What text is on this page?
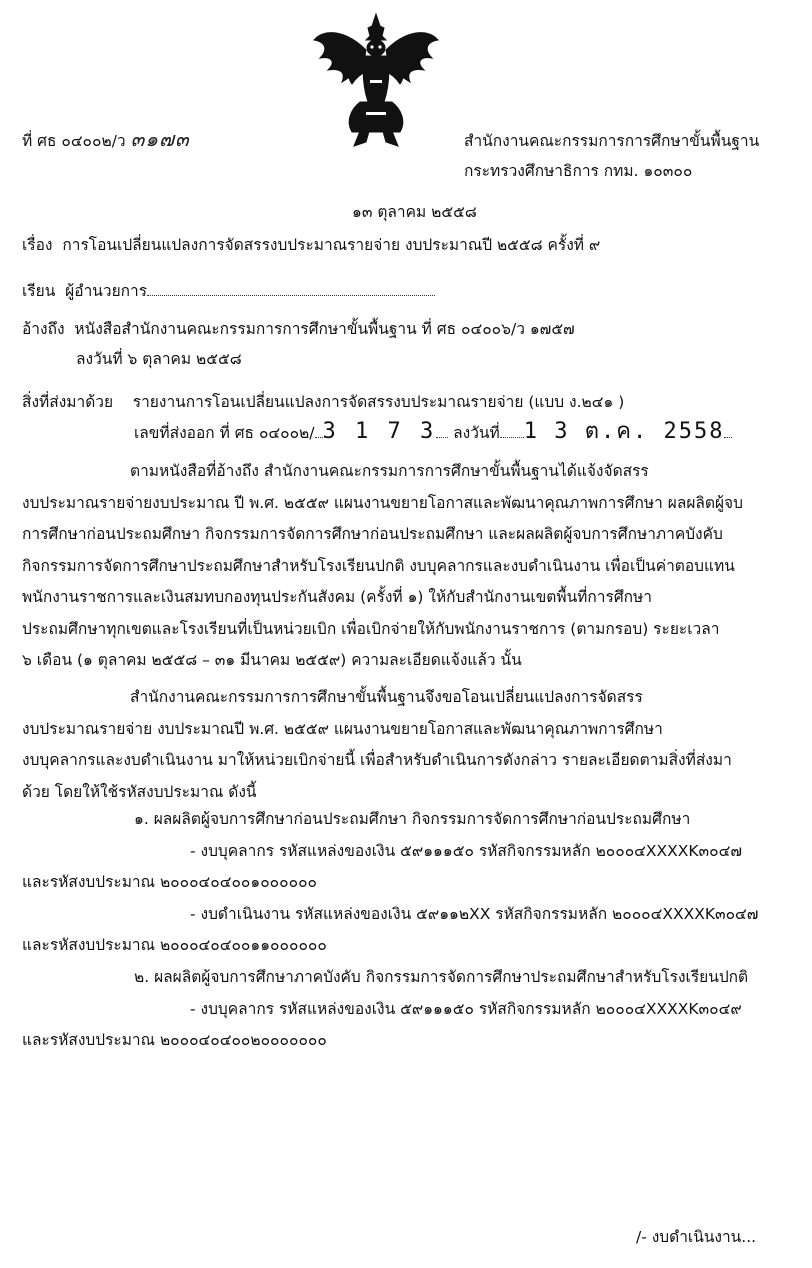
ที่ ศธ ๐๔๐๐๒/ว ๓๑๗๓	สำนักงานคณะกรรมการการศึกษาขั้นพื้นฐาน
กระทรวงศึกษาธิการ กทม. ๑๐๓๐๐
๑๓ ตุลาคม ๒๕๕๘
เรื่อง การโอนเปลี่ยนแปลงการจัดสรรงบประมาณรายจ่าย งบประมาณปี ๒๕๕๘ ครั้งที่ ๙
เรียน ผู้อำนวยการ
อ้างถึง หนังสือสำนักงานคณะกรรมการการศึกษาขั้นพื้นฐาน ที่ ศธ ๐๔๐๐๖/ว ๑๗๕๗
ลงวันที่ ๖ ตุลาคม ๒๕๕๘
สิ่งที่ส่งมาด้วย รายงานการโอนเปลี่ยนแปลงการจัดสรรงบประมาณรายจ่าย (แบบ ง.๒๔๑ )
เลขที่ส่งออก ที่ ศธ ๐๔๐๐๒/ 3 1 7 3 ลงวันที่ 1 3 ต.ค. 2558
ตามหนังสือที่อ้างถึง สำนักงานคณะกรรมการการศึกษาขั้นพื้นฐานได้แจ้งจัดสรร
งบประมาณรายจ่ายงบประมาณ ปี พ.ศ. ๒๕๕๙ แผนงานขยายโอกาสและพัฒนาคุณภาพการศึกษา ผลผลิตผู้จบ
การศึกษาก่อนประถมศึกษา กิจกรรมการจัดการศึกษาก่อนประถมศึกษา และผลผลิตผู้จบการศึกษาภาคบังคับ
กิจกรรมการจัดการศึกษาประถมศึกษาสำหรับโรงเรียนปกติ งบบุคลากรและงบดำเนินงาน เพื่อเป็นค่าตอบแทน
พนักงานราชการและเงินสมทบกองทุนประกันสังคม (ครั้งที่ ๑) ให้กับสำนักงานเขตพื้นที่การศึกษา
ประถมศึกษาทุกเขตและโรงเรียนที่เป็นหน่วยเบิก เพื่อเบิกจ่ายให้กับพนักงานราชการ (ตามกรอบ) ระยะเวลา
๖ เดือน (๑ ตุลาคม ๒๕๕๘ – ๓๑ มีนาคม ๒๕๕๙) ความละเอียดแจ้งแล้ว นั้น
สำนักงานคณะกรรมการการศึกษาขั้นพื้นฐานจึงขอโอนเปลี่ยนแปลงการจัดสรร
งบประมาณรายจ่าย งบประมาณปี พ.ศ. ๒๕๕๙ แผนงานขยายโอกาสและพัฒนาคุณภาพการศึกษา
งบบุคลากรและงบดำเนินงาน มาให้หน่วยเบิกจ่ายนี้ เพื่อสำหรับดำเนินการดังกล่าว รายละเอียดตามสิ่งที่ส่งมา
ด้วย โดยให้ใช้รหัสงบประมาณ ดังนี้
๑. ผลผลิตผู้จบการศึกษาก่อนประถมศึกษา กิจกรรมการจัดการศึกษาก่อนประถมศึกษา
- งบบุคลากร รหัสแหล่งของเงิน ๕๙๑๑๑๕๐ รหัสกิจกรรมหลัก ๒๐๐๐๔XXXXK๓๐๔๗
และรหัสงบประมาณ ๒๐๐๐๔๐๔๐๐๑๐๐๐๐๐๐
- งบดำเนินงาน รหัสแหล่งของเงิน ๕๙๑๑๒XX รหัสกิจกรรมหลัก ๒๐๐๐๔XXXXK๓๐๔๗
และรหัสงบประมาณ ๒๐๐๐๔๐๔๐๐๑๑๐๐๐๐๐๐
๒. ผลผลิตผู้จบการศึกษาภาคบังคับ กิจกรรมการจัดการศึกษาประถมศึกษาสำหรับโรงเรียนปกติ
- งบบุคลากร รหัสแหล่งของเงิน ๕๙๑๑๑๕๐ รหัสกิจกรรมหลัก ๒๐๐๐๔XXXXK๓๐๔๙
และรหัสงบประมาณ ๒๐๐๐๔๐๔๐๐๒๐๐๐๐๐๐๐
/- งบดำเนินงาน...
